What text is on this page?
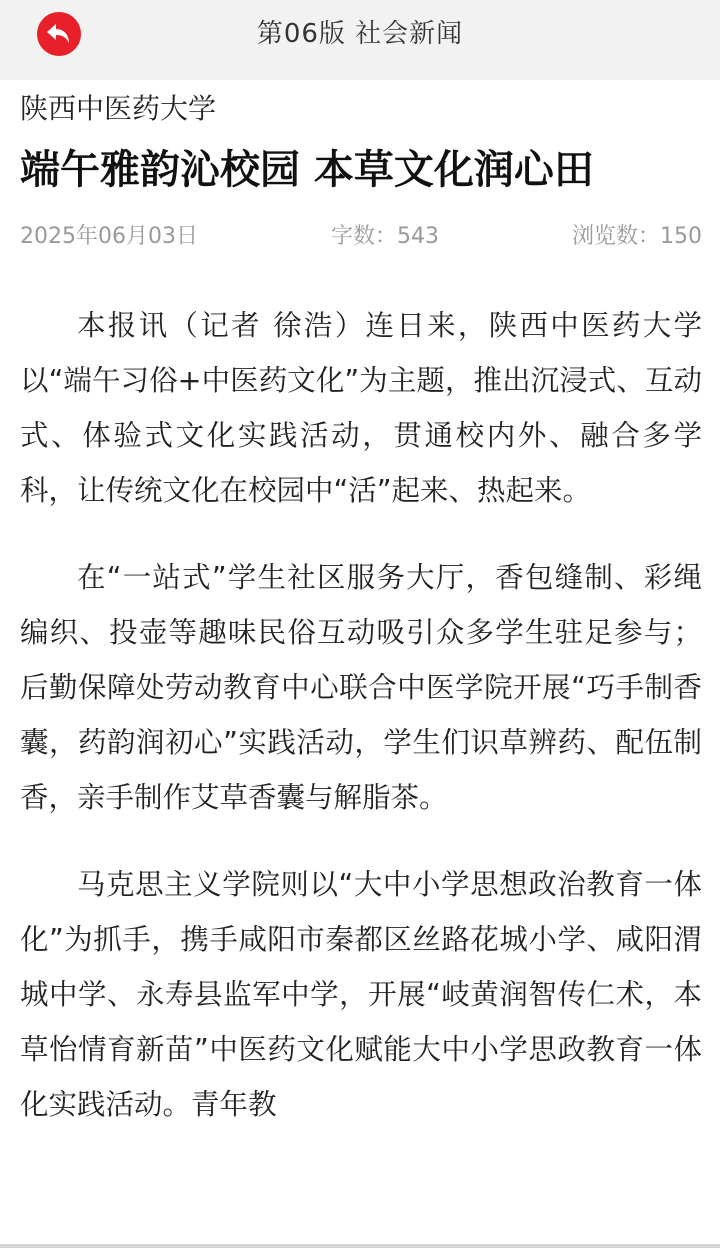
第06版 社会新闻
陕西中医药大学
端午雅韵沁校园 本草文化润心田
2025年06月03日	字数：543	浏览数：150

本报讯（记者 徐浩）连日来，陕西中医药大学以“端午习俗+中医药文化”为主题，推出沉浸式、互动式、体验式文化实践活动，贯通校内外、融合多学科，让传统文化在校园中“活”起来、热起来。

在“一站式”学生社区服务大厅，香包缝制、彩绳编织、投壶等趣味民俗互动吸引众多学生驻足参与；后勤保障处劳动教育中心联合中医学院开展“巧手制香囊，药韵润初心”实践活动，学生们识草辨药、配伍制香，亲手制作艾草香囊与解脂茶。

马克思主义学院则以“大中小学思想政治教育一体化”为抓手，携手咸阳市秦都区丝路花城小学、咸阳渭城中学、永寿县监军中学，开展“岐黄润智传仁术，本草怡情育新苗”中医药文化赋能大中小学思政教育一体化实践活动。青年教
